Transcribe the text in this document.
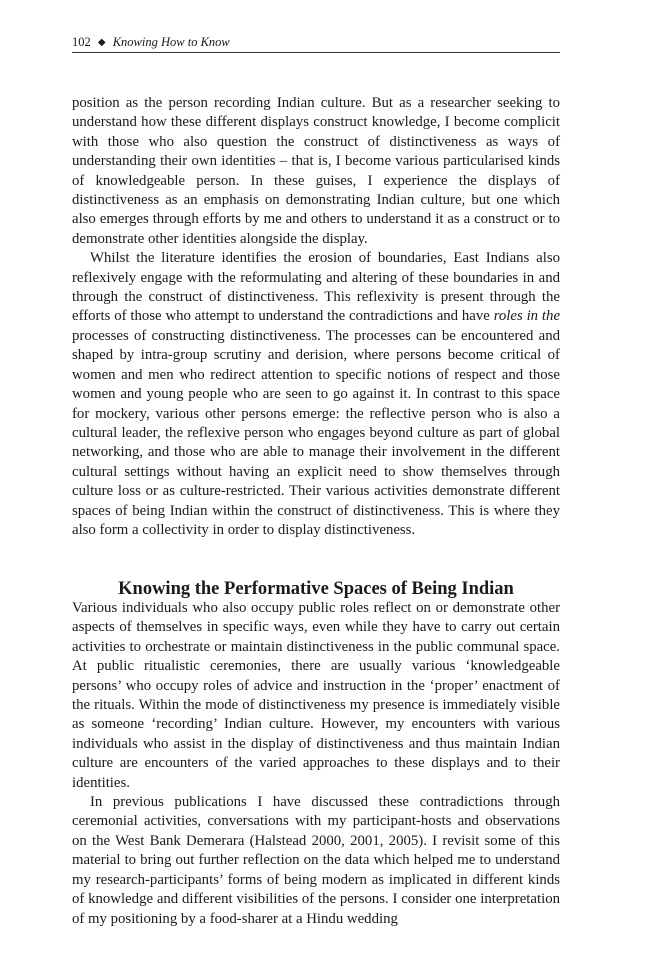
102 ◆ Knowing How to Know

position as the person recording Indian culture. But as a researcher seeking to understand how these different displays construct knowledge, I become complicit with those who also question the construct of distinctiveness as ways of understanding their own identities – that is, I become various particularised kinds of knowledgeable person. In these guises, I experience the displays of distinctiveness as an emphasis on demonstrating Indian culture, but one which also emerges through efforts by me and others to understand it as a construct or to demonstrate other identities alongside the display.

Whilst the literature identifies the erosion of boundaries, East Indians also reflexively engage with the reformulating and altering of these boundaries in and through the construct of distinctiveness. This reflexivity is present through the efforts of those who attempt to understand the contradictions and have roles in the processes of constructing distinctiveness. The processes can be encountered and shaped by intra-group scrutiny and derision, where persons become critical of women and men who redirect attention to specific notions of respect and those women and young people who are seen to go against it. In contrast to this space for mockery, various other persons emerge: the reflective person who is also a cultural leader, the reflexive person who engages beyond culture as part of global networking, and those who are able to manage their involvement in the different cultural settings without having an explicit need to show themselves through culture loss or as culture-restricted. Their various activities demonstrate different spaces of being Indian within the construct of distinctiveness. This is where they also form a collectivity in order to display distinctiveness.

Knowing the Performative Spaces of Being Indian

Various individuals who also occupy public roles reflect on or demonstrate other aspects of themselves in specific ways, even while they have to carry out certain activities to orchestrate or maintain distinctiveness in the public communal space. At public ritualistic ceremonies, there are usually various ‘knowledgeable persons’ who occupy roles of advice and instruction in the ‘proper’ enactment of the rituals. Within the mode of distinctiveness my presence is immediately visible as someone ‘recording’ Indian culture. However, my encounters with various individuals who assist in the display of distinctiveness and thus maintain Indian culture are encounters of the varied approaches to these displays and to their identities.

In previous publications I have discussed these contradictions through ceremonial activities, conversations with my participant-hosts and observations on the West Bank Demerara (Halstead 2000, 2001, 2005). I revisit some of this material to bring out further reflection on the data which helped me to understand my research-participants’ forms of being modern as implicated in different kinds of knowledge and different visibilities of the persons. I consider one interpretation of my positioning by a food-sharer at a Hindu wedding
